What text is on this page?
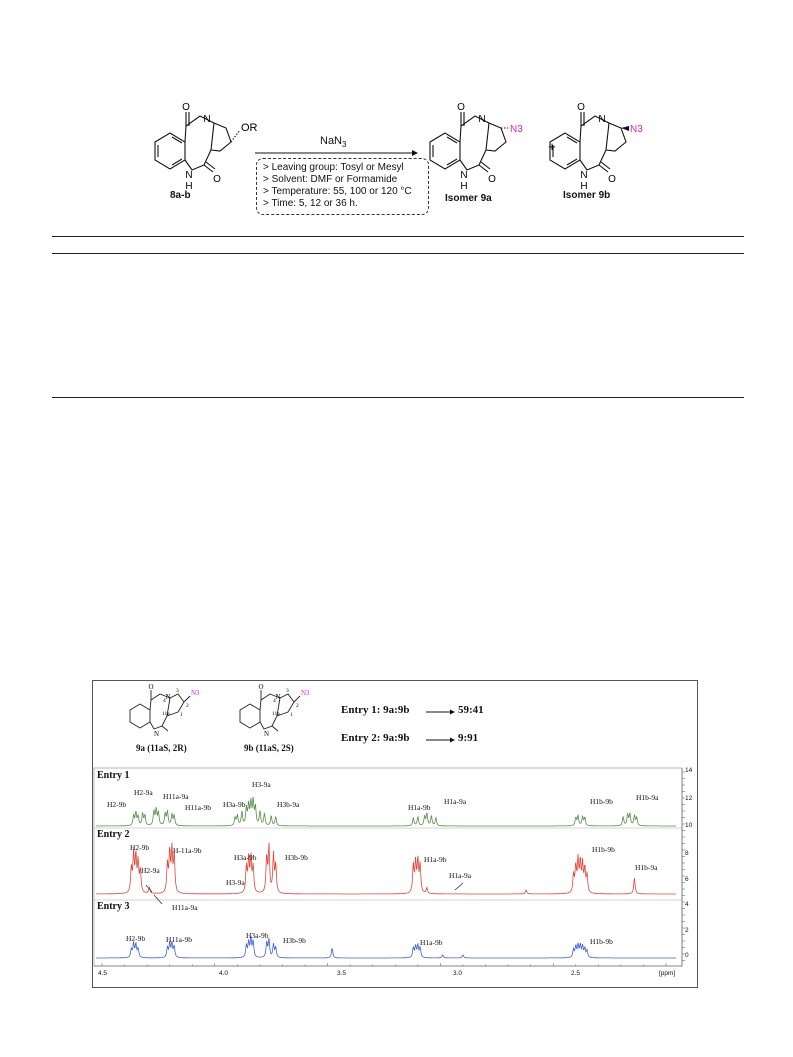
O
N
O
N
H
OR
O
N
O
N
H
N3
+
O
N
O
N
H
N3
NaN$_3$
> Leaving group: Tosyl or Mesyl
> Solvent: DMF or Formamide
> Temperature: 55, 100 or 120 °C
> Time: 5, 12 or 36 h.
8a-b	Isomer 9a	Isomer 9b
O
N	N3
3
4
2
1
11a
N
O
N	N3
3
4
2
1
11a
N
9a (11aS, 2R)	9b (11aS, 2S)
Entry 1: 9a:9b	59:41
Entry 2: 9a:9b	9:91
Entry 1
Entry 2
Entry 3
H2-9b
H2-9a H11a-9a
H11a-9b H3a-9b
H3-9a
H3b-9a	H1a-9b
H1a-9a	H1b-9b	H1b-9a
H2-9b
H2-9a
H11a-9a
H-11a-9b
H3a-9b
H3-9a
H3b-9b	H1a-9b
H1a-9a
H1b-9b
H1b-9a
H2-9b	H11a-9b	H3a-9b
H3b-9b	H1a-9b	H1b-9b
4.5	4.0	3.5	3.0	2.5	[ppm]
14
12
10
8
6
4
2
0
